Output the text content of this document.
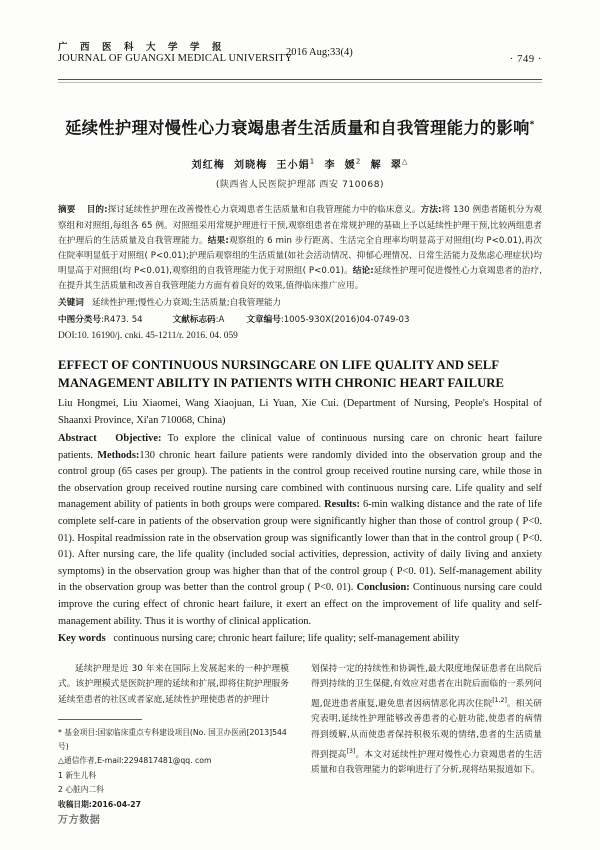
广 西 医 科 大 学 学 报
JOURNAL OF GUANGXI MEDICAL UNIVERSITY
2016 Aug;33(4)
· 749 ·
延续性护理对慢性心力衰竭患者生活质量和自我管理能力的影响*
刘红梅  刘晓梅  王小娟$^1$  李  媛$^2$  解  翠△
(陕西省人民医院护理部 西安 710068)
摘要 目的:探讨延续性护理在改善慢性心力衰竭患者生活质量和自我管理能力中的临床意义。方法:将 130 例患者随机分为观察组和对照组,每组各 65 例。对照组采用常规护理进行干预,观察组患者在常规护理的基础上予以延续性护理干预,比较两组患者在护理后的生活质量及自我管理能力。结果:观察组的 6 min 步行距离、生活完全自理率均明显高于对照组(均 P<0.01),再次住院率明显低于对照组( P<0.01);护理后观察组的生活质量(如社会活动情况、抑郁心理情况、日常生活能力及焦虑心理症状)均明显高于对照组(均 P<0.01),观察组的自我管理能力优于对照组( P<0.01)。结论:延续性护理可促进慢性心力衰竭患者的治疗,在提升其生活质量和改善自我管理能力方面有着良好的效果,值得临床推广应用。
关键词 延续性护理;慢性心力衰竭;生活质量;自我管理能力
中图分类号:R473. 54	文献标志码:A	文章编号:1005-930X(2016)04-0749-03
DOI:10. 16190/j. cnki. 45-1211/r. 2016. 04. 059
EFFECT OF CONTINUOUS NURSINGCARE ON LIFE QUALITY AND SELF MANAGEMENT ABILITY IN PATIENTS WITH CHRONIC HEART FAILURE
Liu Hongmei, Liu Xiaomei, Wang Xiaojuan, Li Yuan, Xie Cui. (Department of Nursing, People's Hospital of Shaanxi Province, Xi'an 710068, China)
Abstract Objective: To explore the clinical value of continuous nursing care on chronic heart failure patients. Methods:130 chronic heart failure patients were randomly divided into the observation group and the control group (65 cases per group). The patients in the control group received routine nursing care, while those in the observation group received routine nursing care combined with continuous nursing care. Life quality and self management ability of patients in both groups were compared. Results: 6-min walking distance and the rate of life complete self-care in patients of the observation group were significantly higher than those of control group ( P<0. 01). Hospital readmission rate in the observation group was significantly lower than that in the control group ( P<0. 01). After nursing care, the life quality (included social activities, depression, activity of daily living and anxiety symptoms) in the observation group was higher than that of the control group ( P<0. 01). Self-management ability in the observation group was better than the control group ( P<0. 01). Conclusion: Continuous nursing care could improve the curing effect of chronic heart failure, it exert an effect on the improvement of life quality and self-management ability. Thus it is worthy of clinical application.
Key words continuous nursing care; chronic heart failure; life quality; self-management ability
延续护理是近 30 年来在国际上发展起来的一种护理模式。该护理模式是医院护理的延续和扩展,即将住院护理服务延续至患者的社区或者家庭,延续性护理使患者的护理计
* 基金项目:国家临床重点专科建设项目(No. 国卫办医函[2013]544 号)
△通信作者,E-mail:2294817481@qq. com
1 新生儿科
2 心脏内二科
收稿日期:2016-04-27
划保持一定的持续性和协调性,最大限度地保证患者在出院后得到持续的卫生保健,有效应对患者在出院后面临的一系列问题,促进患者康复,避免患者因病情恶化再次住院[1,2]。相关研究表明,延续性护理能够改善患者的心脏功能,使患者的病情得到缓解,从而使患者保持积极乐观的情绪,患者的生活质量得到提高[3]。本文对延续性护理对慢性心力衰竭患者的生活质量和自我管理能力的影响进行了分析,现将结果报道如下。
万方数据
